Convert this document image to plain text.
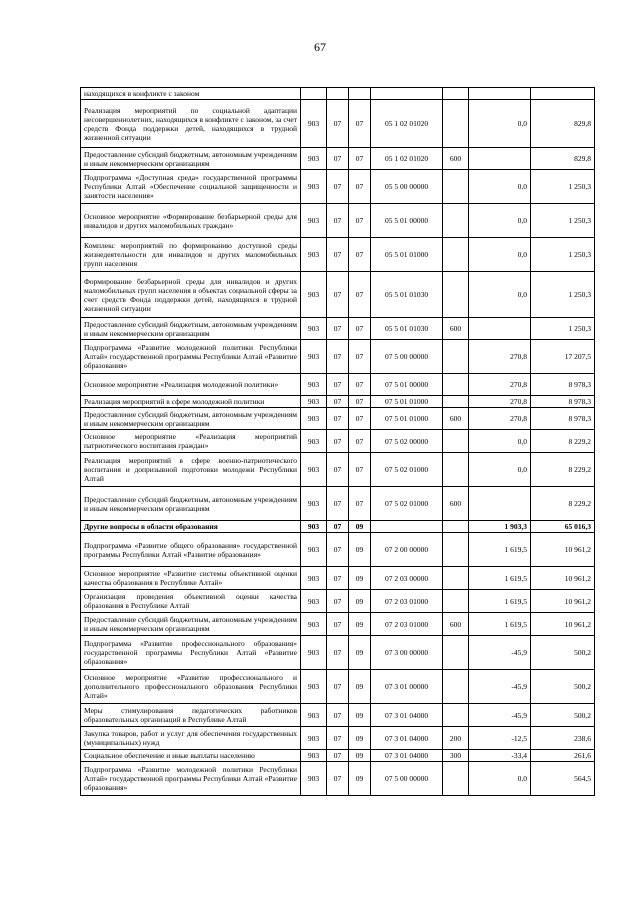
67
находящихся в конфликте с законом							
Реализация мероприятий по социальной адаптации несовершеннолетних, находящихся в конфликте с законом, за счет средств Фонда поддержки детей, находящихся в трудной жизненной ситуации	903	07	07	05 1 02 01020		0,0	829,8
Предоставление субсидий бюджетным, автономным учреждениям и иным некоммерческим организациям	903	07	07	05 1 02 01020	600		829,8
Подпрограмма «Доступная среда» государственной программы Республики Алтай «Обеспечение социальной защищенности и занятости населения»	903	07	07	05 5 00 00000		0,0	1 250,3
Основное мероприятие «Формирование безбарьерной среды для инвалидов и других маломобильных граждан»	903	07	07	05 5 01 00000		0,0	1 250,3
Комплекс мероприятий по формированию доступной среды жизнедеятельности для инвалидов и других маломобильных групп населения	903	07	07	05 5 01 01000		0,0	1 250,3
Формирование безбарьерной среды для инвалидов и других маломобильных групп населения в объектах социальной сферы за счет средств Фонда поддержки детей, находящихся в трудной жизненной ситуации	903	07	07	05 5 01 01030		0,0	1 250,3
Предоставление субсидий бюджетным, автономным учреждениям и иным некоммерческим организациям	903	07	07	05 5 01 01030	600		1 250,3
Подпрограмма «Развитие молодежной политики Республики Алтай» государственной программы Республики Алтай «Развитие образования»	903	07	07	07 5 00 00000		270,8	17 207,5
Основное мероприятие «Реализация молодежной политики»	903	07	07	07 5 01 00000		270,8	8 978,3
Реализация мероприятий в сфере молодежной политики	903	07	07	07 5 01 01000		270,8	8 978,3
Предоставление субсидий бюджетным, автономным учреждениям и иным некоммерческим организациям	903	07	07	07 5 01 01000	600	270,8	8 978,3
Основное мероприятие «Реализация мероприятий патриотического воспитания граждан»	903	07	07	07 5 02 00000		0,0	8 229,2
Реализация мероприятий в сфере военно-патриотического воспитания и допризывной подготовки молодежи Республики Алтай	903	07	07	07 5 02 01000		0,0	8 229,2
Предоставление субсидий бюджетным, автономным учреждениям и иным некоммерческим организациям	903	07	07	07 5 02 01000	600		8 229,2
Другие вопросы в области образования	903	07	09			1 903,3	65 016,3
Подпрограмма «Развитие общего образования» государственной программы Республики Алтай «Развитие образования»	903	07	09	07 2 00 00000		1 619,5	10 961,2
Основное мероприятие «Развитие системы объективной оценки качества образования в Республике Алтай»	903	07	09	07 2 03 00000		1 619,5	10 961,2
Организация проведения объективной оценки качества образования в Республике Алтай	903	07	09	07 2 03 01000		1 619,5	10 961,2
Предоставление субсидий бюджетным, автономным учреждениям и иным некоммерческим организациям	903	07	09	07 2 03 01000	600	1 619,5	10 961,2
Подпрограмма «Развитие профессионального образования» государственной программы Республики Алтай «Развитие образования»	903	07	09	07 3 00 00000		-45,9	500,2
Основное мероприятие «Развитие профессионального и дополнительного профессионального образования Республики Алтай»	903	07	09	07 3 01 00000		-45,9	500,2
Меры стимулирования педагогических работников образовательных организаций в Республике Алтай	903	07	09	07 3 01 04000		-45,9	500,2
Закупка товаров, работ и услуг для обеспечения государственных (муниципальных) нужд	903	07	09	07 3 01 04000	200	-12,5	238,6
Социальное обеспечение и иные выплаты населению	903	07	09	07 3 01 04000	300	-33,4	261,6
Подпрограмма «Развитие молодежной политики Республики Алтай» государственной программы Республики Алтай «Развитие образования»	903	07	09	07 5 00 00000		0,0	564,5
